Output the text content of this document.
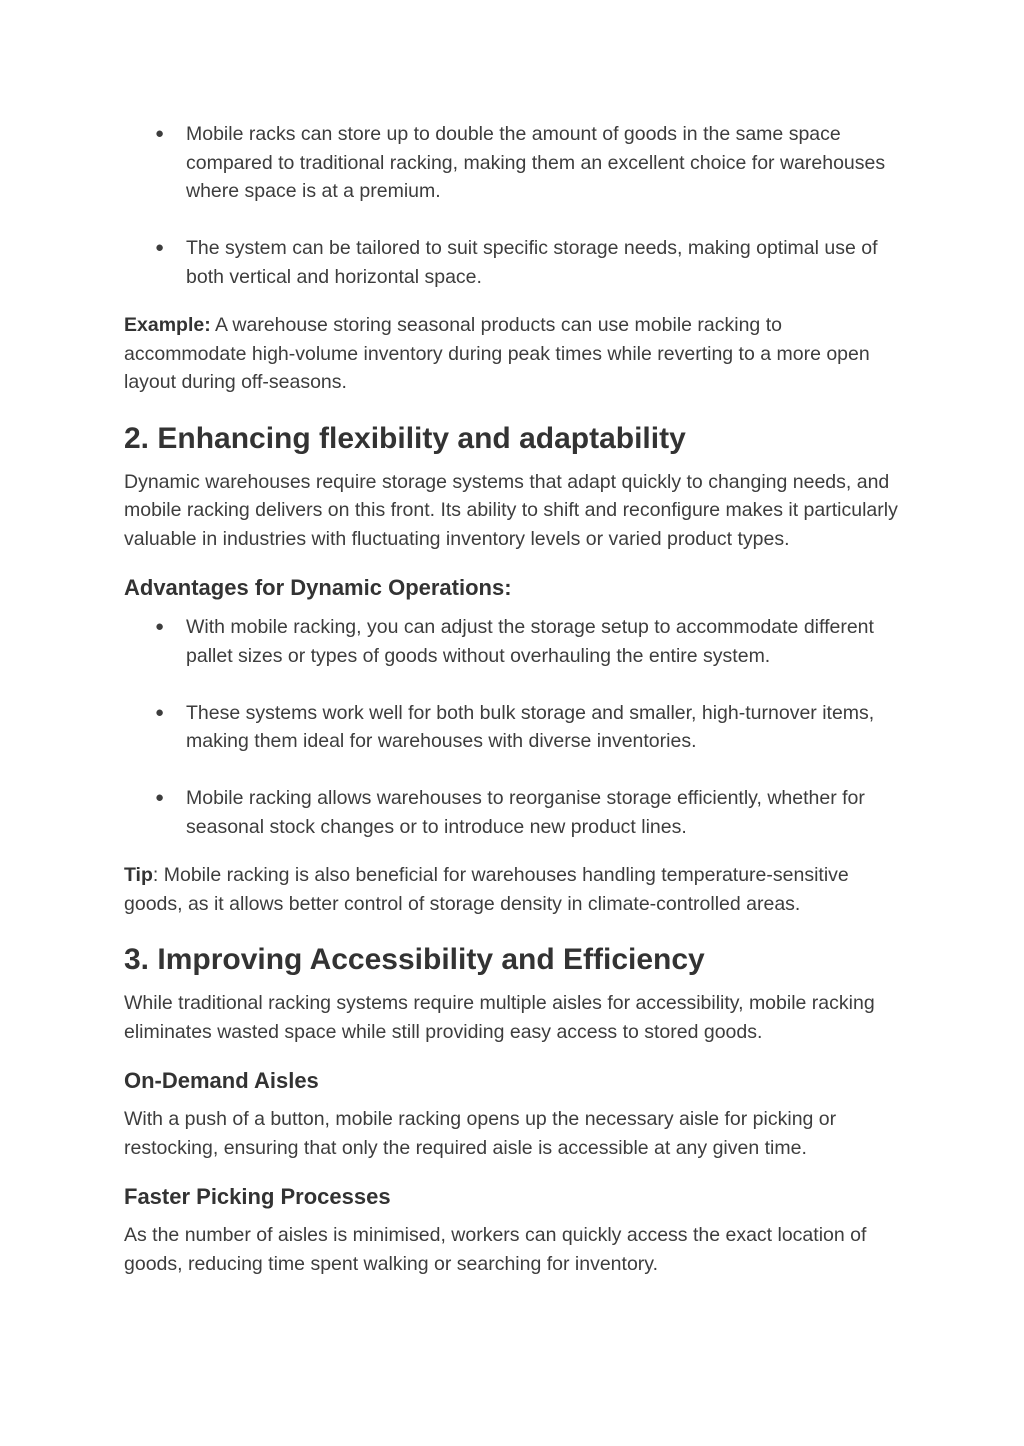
● Mobile racks can store up to double the amount of goods in the same space compared to traditional racking, making them an excellent choice for warehouses where space is at a premium.
● The system can be tailored to suit specific storage needs, making optimal use of both vertical and horizontal space.

Example: A warehouse storing seasonal products can use mobile racking to accommodate high-volume inventory during peak times while reverting to a more open layout during off-seasons.

2. Enhancing flexibility and adaptability

Dynamic warehouses require storage systems that adapt quickly to changing needs, and mobile racking delivers on this front. Its ability to shift and reconfigure makes it particularly valuable in industries with fluctuating inventory levels or varied product types.

Advantages for Dynamic Operations:
● With mobile racking, you can adjust the storage setup to accommodate different pallet sizes or types of goods without overhauling the entire system.
● These systems work well for both bulk storage and smaller, high-turnover items, making them ideal for warehouses with diverse inventories.
● Mobile racking allows warehouses to reorganise storage efficiently, whether for seasonal stock changes or to introduce new product lines.

Tip: Mobile racking is also beneficial for warehouses handling temperature-sensitive goods, as it allows better control of storage density in climate-controlled areas.

3. Improving Accessibility and Efficiency

While traditional racking systems require multiple aisles for accessibility, mobile racking eliminates wasted space while still providing easy access to stored goods.

On-Demand Aisles

With a push of a button, mobile racking opens up the necessary aisle for picking or restocking, ensuring that only the required aisle is accessible at any given time.

Faster Picking Processes

As the number of aisles is minimised, workers can quickly access the exact location of goods, reducing time spent walking or searching for inventory.
